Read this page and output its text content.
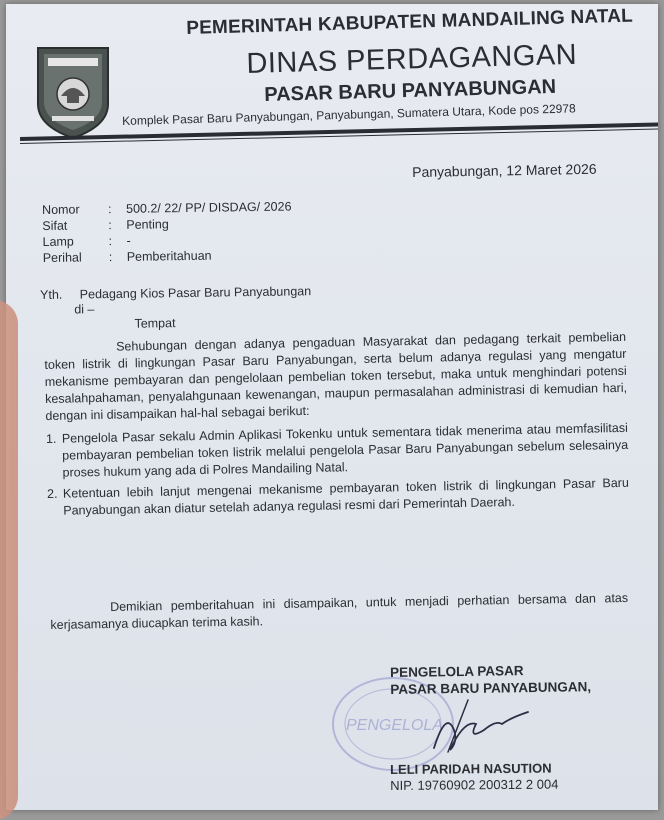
PEMERINTAH KABUPATEN MANDAILING NATAL
DINAS PERDAGANGAN
PASAR BARU PANYABUNGAN
Komplek Pasar Baru Panyabungan, Panyabungan, Sumatera Utara, Kode pos 22978
Panyabungan, 12 Maret 2026
Nomor	:	500.2/ 22/ PP/ DISDAG/ 2026
Sifat	:	Penting
Lamp	:	-
Perihal	:	Pemberitahuan
Yth. Pedagang Kios Pasar Baru Panyabungan
di –
Tempat

Sehubungan dengan adanya pengaduan Masyarakat dan pedagang terkait pembelian token listrik di lingkungan Pasar Baru Panyabungan, serta belum adanya regulasi yang mengatur mekanisme pembayaran dan pengelolaan pembelian token tersebut, maka untuk menghindari potensi kesalahpahaman, penyalahgunaan kewenangan, maupun permasalahan administrasi di kemudian hari, dengan ini disampaikan hal-hal sebagai berikut:

1. Pengelola Pasar sekalu Admin Aplikasi Tokenku untuk sementara tidak menerima atau memfasilitasi pembayaran pembelian token listrik melalui pengelola Pasar Baru Panyabungan sebelum selesainya proses hukum yang ada di Polres Mandailing Natal.
2. Ketentuan lebih lanjut mengenai mekanisme pembayaran token listrik di lingkungan Pasar Baru Panyabungan akan diatur setelah adanya regulasi resmi dari Pemerintah Daerah.
Demikian pemberitahuan ini disampaikan, untuk menjadi perhatian bersama dan atas kerjasamanya diucapkan terima kasih.
PENGELOLA
PENGELOLA PASAR
PASAR BARU PANYABUNGAN,
LELI PARIDAH NASUTION
NIP. 19760902 200312 2 004
